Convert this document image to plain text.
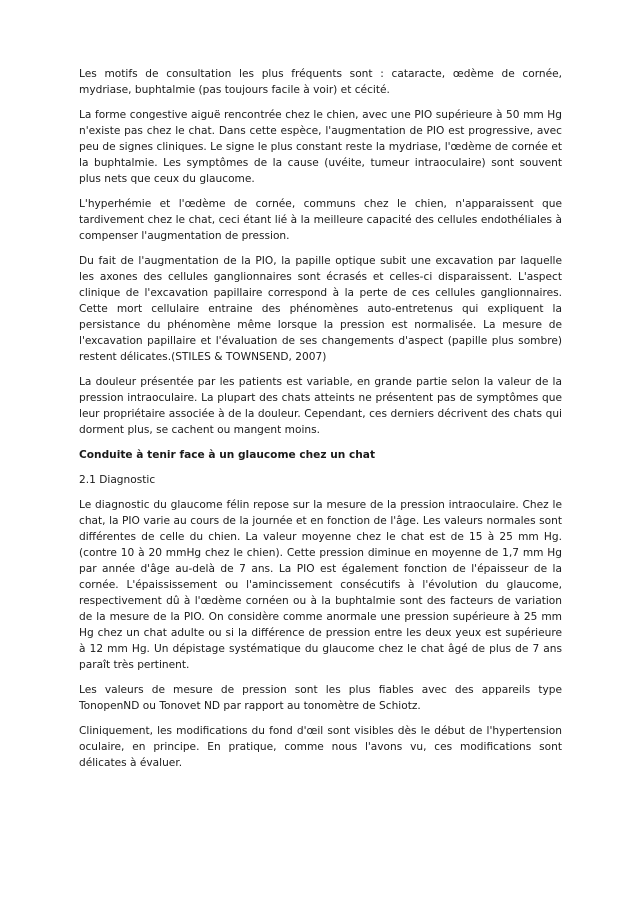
Les motifs de consultation les plus fréquents sont : cataracte, œdème de cornée, mydriase, buphtalmie (pas toujours facile à voir) et cécité.

La forme congestive aiguë rencontrée chez le chien, avec une PIO supérieure à 50 mm Hg n'existe pas chez le chat. Dans cette espèce, l'augmentation de PIO est progressive, avec peu de signes cliniques. Le signe le plus constant reste la mydriase, l'œdème de cornée et la buphtalmie. Les symptômes de la cause (uvéite, tumeur intraoculaire) sont souvent plus nets que ceux du glaucome.

L'hyperhémie et l'œdème de cornée, communs chez le chien, n'apparaissent que tardivement chez le chat, ceci étant lié à la meilleure capacité des cellules endothéliales à compenser l'augmentation de pression.

Du fait de l'augmentation de la PIO, la papille optique subit une excavation par laquelle les axones des cellules ganglionnaires sont écrasés et celles-ci disparaissent. L'aspect clinique de l'excavation papillaire correspond à la perte de ces cellules ganglionnaires. Cette mort cellulaire entraine des phénomènes auto-entretenus qui expliquent la persistance du phénomène même lorsque la pression est normalisée. La mesure de l'excavation papillaire et l'évaluation de ses changements d'aspect (papille plus sombre) restent délicates.(STILES & TOWNSEND, 2007)

La douleur présentée par les patients est variable, en grande partie selon la valeur de la pression intraoculaire. La plupart des chats atteints ne présentent pas de symptômes que leur propriétaire associée à de la douleur. Cependant, ces derniers décrivent des chats qui dorment plus, se cachent ou mangent moins.

Conduite à tenir face à un glaucome chez un chat

2.1 Diagnostic

Le diagnostic du glaucome félin repose sur la mesure de la pression intraoculaire. Chez le chat, la PIO varie au cours de la journée et en fonction de l'âge. Les valeurs normales sont différentes de celle du chien. La valeur moyenne chez le chat est de 15 à 25 mm Hg. (contre 10 à 20 mmHg chez le chien). Cette pression diminue en moyenne de 1,7 mm Hg par année d'âge au-delà de 7 ans. La PIO est également fonction de l'épaisseur de la cornée. L'épaississement ou l'amincissement consécutifs à l'évolution du glaucome, respectivement dû à l'œdème cornéen ou à la buphtalmie sont des facteurs de variation de la mesure de la PIO. On considère comme anormale une pression supérieure à 25 mm Hg chez un chat adulte ou si la différence de pression entre les deux yeux est supérieure à 12 mm Hg. Un dépistage systématique du glaucome chez le chat âgé de plus de 7 ans paraît très pertinent.

Les valeurs de mesure de pression sont les plus fiables avec des appareils type TonopenND ou Tonovet ND par rapport au tonomètre de Schiotz.

Cliniquement, les modifications du fond d'œil sont visibles dès le début de l'hypertension oculaire, en principe. En pratique, comme nous l'avons vu, ces modifications sont délicates à évaluer.
